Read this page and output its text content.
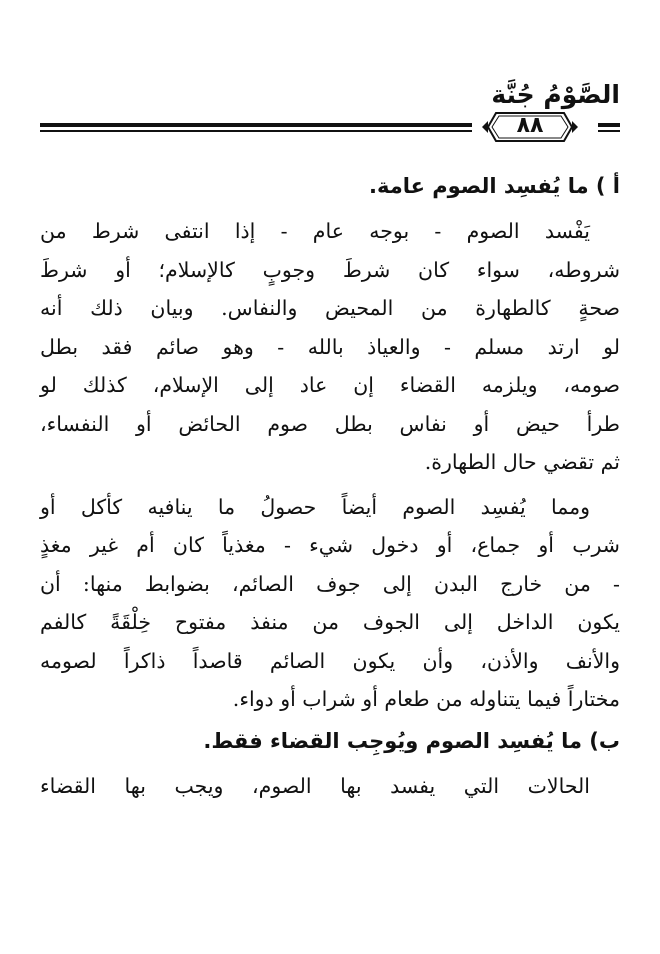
الصَّوْمُ جُنَّة
٨٨
أ ) ما يُفسِد الصوم عامة.
يَفْسد الصوم - بوجه عام - إذا انتفى شرط من
شروطه، سواء كان شرطَ وجوبٍ كالإسلام؛ أو شرطَ
صحةٍ كالطهارة من المحيض والنفاس. وبيان ذلك أنه
لو ارتد مسلم - والعياذ بالله - وهو صائم فقد بطل
صومه، ويلزمه القضاء إن عاد إلى الإسلام، كذلك لو
طرأ حيض أو نفاس بطل صوم الحائض أو النفساء،
ثم تقضي حال الطهارة.
ومما يُفسِد الصوم أيضاً حصولُ ما ينافيه كأكل أو
شرب أو جماع، أو دخول شيء - مغذياً كان أم غير مغذٍ
- من خارج البدن إلى جوف الصائم، بضوابط منها: أن
يكون الداخل إلى الجوف من منفذ مفتوح خِلْقَةً كالفم
والأنف والأذن، وأن يكون الصائم قاصداً ذاكراً لصومه
مختاراً فيما يتناوله من طعام أو شراب أو دواء.
ب) ما يُفسِد الصوم ويُوجِب القضاء فقط.
الحالات التي يفسد بها الصوم، ويجب بها القضاء
